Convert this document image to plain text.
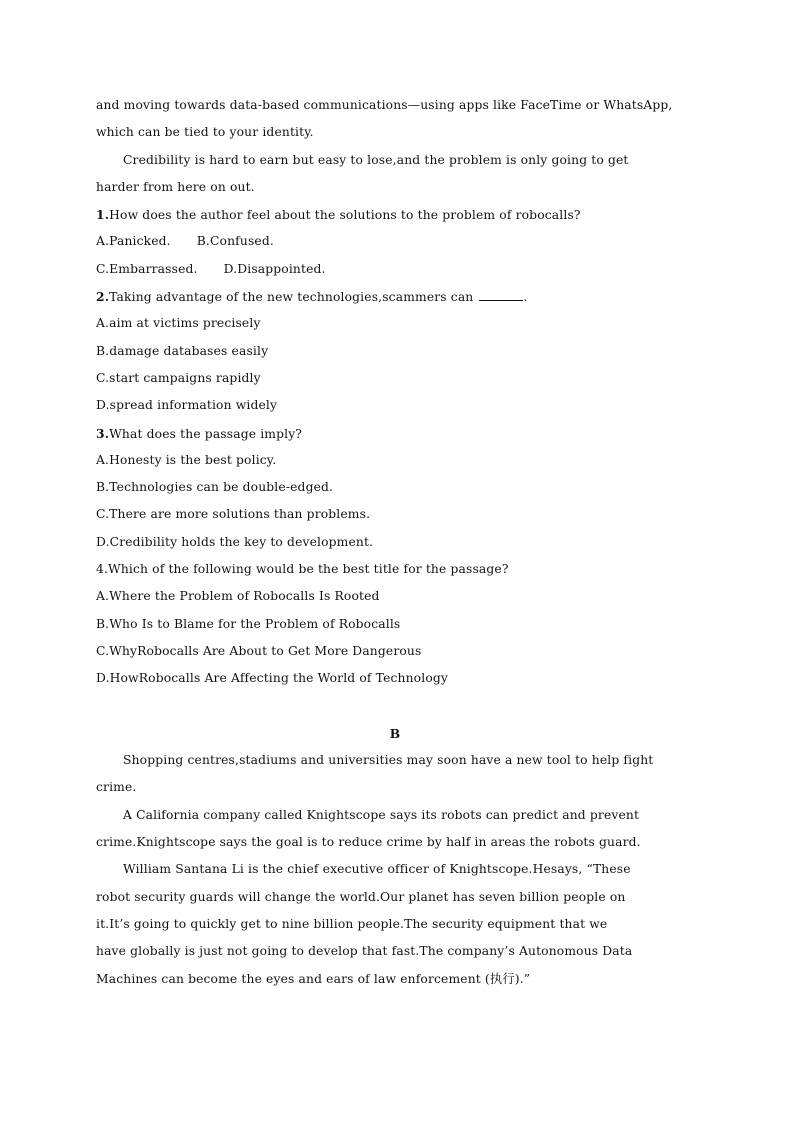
and moving towards data-based communications—using apps like FaceTime or WhatsApp,
which can be tied to your identity.
Credibility is hard to earn but easy to lose,and the problem is only going to get
harder from here on out.
1.How does the author feel about the solutions to the problem of robocalls?
A.Panicked. B.Confused.
C.Embarrassed. D.Disappointed.
2.Taking advantage of the new technologies,scammers can	.
A.aim at victims precisely
B.damage databases easily
C.start campaigns rapidly
D.spread information widely
3.What does the passage imply?
A.Honesty is the best policy.
B.Technologies can be double-edged.
C.There are more solutions than problems.
D.Credibility holds the key to development.
4.Which of the following would be the best title for the passage?
A.Where the Problem of Robocalls Is Rooted
B.Who Is to Blame for the Problem of Robocalls
C.WhyRobocalls Are About to Get More Dangerous
D.HowRobocalls Are Affecting the World of Technology
B
Shopping centres,stadiums and universities may soon have a new tool to help fight
crime.
A California company called Knightscope says its robots can predict and prevent
crime.Knightscope says the goal is to reduce crime by half in areas the robots guard.
William Santana Li is the chief executive officer of Knightscope.Hesays, “These
robot security guards will change the world.Our planet has seven billion people on
it.It’s going to quickly get to nine billion people.The security equipment that we
have globally is just not going to develop that fast.The company’s Autonomous Data
Machines can become the eyes and ears of law enforcement (执行).”
